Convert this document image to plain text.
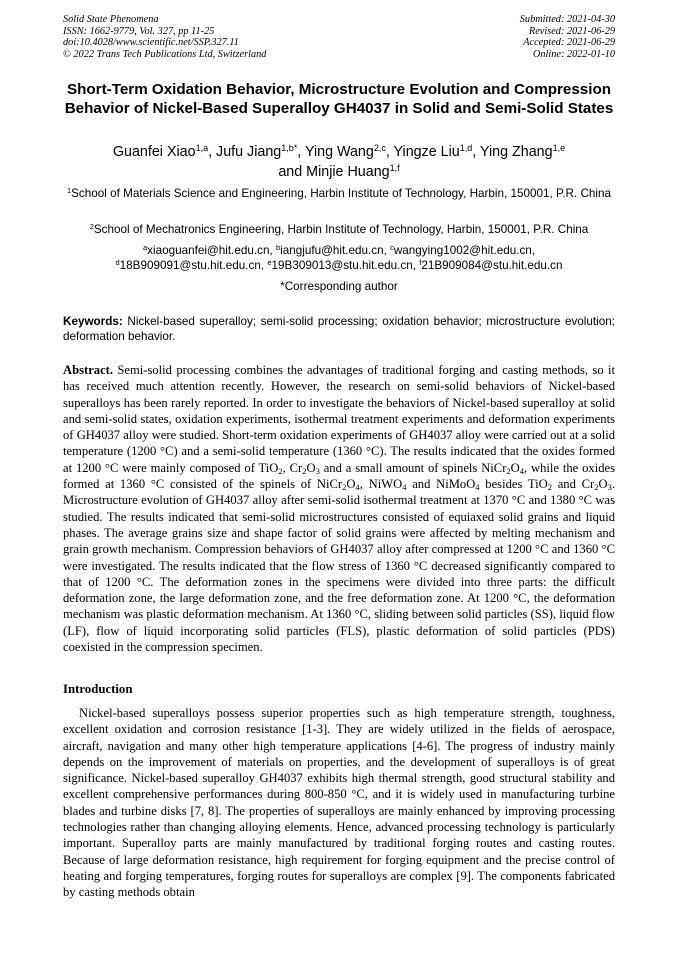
Solid State Phenomena
ISSN: 1662-9779, Vol. 327, pp 11-25
doi:10.4028/www.scientific.net/SSP.327.11
© 2022 Trans Tech Publications Ltd, Switzerland
Submitted: 2021-04-30
Revised: 2021-06-29
Accepted: 2021-06-29
Online: 2022-01-10
Short-Term Oxidation Behavior, Microstructure Evolution and Compression Behavior of Nickel-Based Superalloy GH4037 in Solid and Semi-Solid States
Guanfei Xiao$^{1,a}$, Jufu Jiang$^{1,b*}$, Ying Wang$^{2,c}$, Yingze Liu$^{1,d}$, Ying Zhang$^{1,e}$
and Minjie Huang$^{1,f}$
$^1$School of Materials Science and Engineering, Harbin Institute of Technology, Harbin, 150001, P.R. China
$^2$School of Mechatronics Engineering, Harbin Institute of Technology, Harbin, 150001, P.R. China
$^a$xiaoguanfei@hit.edu.cn, $^b$iangjufu@hit.edu.cn, $^c$wangying1002@hit.edu.cn,
$^d$18B909091@stu.hit.edu.cn, $^e$19B309013@stu.hit.edu.cn, $^f$21B909084@stu.hit.edu.cn
*Corresponding author
Keywords: Nickel-based superalloy; semi-solid processing; oxidation behavior; microstructure evolution; deformation behavior.
Abstract. Semi-solid processing combines the advantages of traditional forging and casting methods, so it has received much attention recently. However, the research on semi-solid behaviors of Nickel-based superalloys has been rarely reported. In order to investigate the behaviors of Nickel-based superalloy at solid and semi-solid states, oxidation experiments, isothermal treatment experiments and deformation experiments of GH4037 alloy were studied. Short-term oxidation experiments of GH4037 alloy were carried out at a solid temperature (1200 °C) and a semi-solid temperature (1360 °C). The results indicated that the oxides formed at 1200 °C were mainly composed of TiO$_2$, $Cr_2O_3$ and a small amount of spinels $NiCr_2O_4$, while the oxides formed at 1360 °C consisted of the spinels of $NiCr_2O_4$, NiWO$_4$ and NiMoO$_4$ besides TiO$_2$ and $Cr_2O_3$. Microstructure evolution of GH4037 alloy after semi-solid isothermal treatment at 1370 °C and 1380 °C was studied. The results indicated that semi-solid microstructures consisted of equiaxed solid grains and liquid phases. The average grains size and shape factor of solid grains were affected by melting mechanism and grain growth mechanism. Compression behaviors of GH4037 alloy after compressed at 1200 °C and 1360 °C were investigated. The results indicated that the flow stress of 1360 °C decreased significantly compared to that of 1200 °C. The deformation zones in the specimens were divided into three parts: the difficult deformation zone, the large deformation zone, and the free deformation zone. At 1200 °C, the deformation mechanism was plastic deformation mechanism. At 1360 °C, sliding between solid particles (SS), liquid flow (LF), flow of liquid incorporating solid particles (FLS), plastic deformation of solid particles (PDS) coexisted in the compression specimen.
Introduction
Nickel-based superalloys possess superior properties such as high temperature strength, toughness, excellent oxidation and corrosion resistance [1-3]. They are widely utilized in the fields of aerospace, aircraft, navigation and many other high temperature applications [4-6]. The progress of industry mainly depends on the improvement of materials on properties, and the development of superalloys is of great significance. Nickel-based superalloy GH4037 exhibits high thermal strength, good structural stability and excellent comprehensive performances during 800-850 °C, and it is widely used in manufacturing turbine blades and turbine disks [7, 8]. The properties of superalloys are mainly enhanced by improving processing technologies rather than changing alloying elements. Hence, advanced processing technology is particularly important. Superalloy parts are mainly manufactured by traditional forging routes and casting routes. Because of large deformation resistance, high requirement for forging equipment and the precise control of heating and forging temperatures, forging routes for superalloys are complex [9]. The components fabricated by casting methods obtain
